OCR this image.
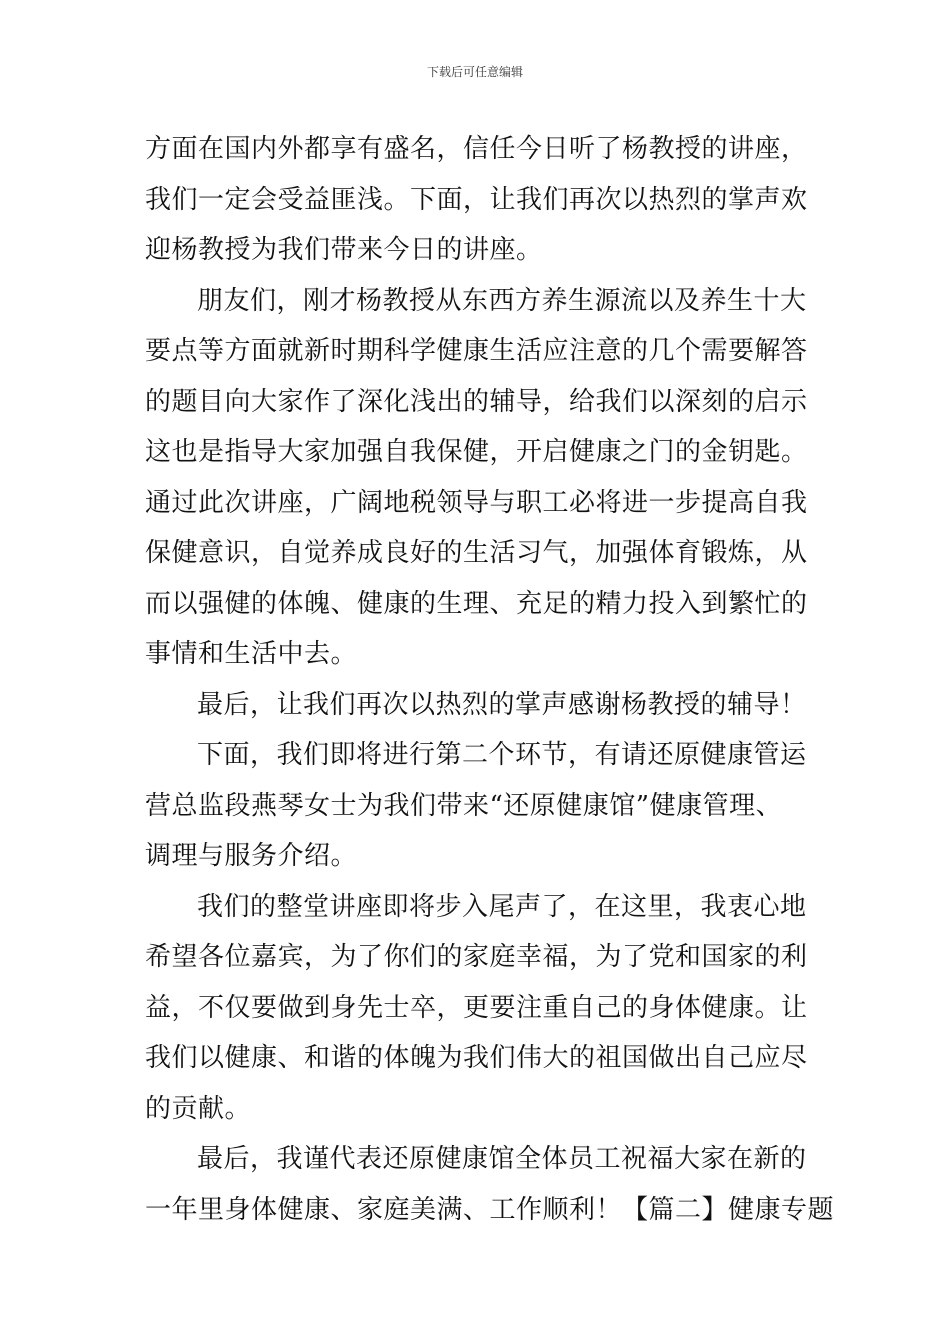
下载后可任意编辑
方面在国内外都享有盛名，信任今日听了杨教授的讲座，
我们一定会受益匪浅。下面，让我们再次以热烈的掌声欢
迎杨教授为我们带来今日的讲座。
朋友们，刚才杨教授从东西方养生源流以及养生十大
要点等方面就新时期科学健康生活应注意的几个需要解答
的题目向大家作了深化浅出的辅导，给我们以深刻的启示
这也是指导大家加强自我保健，开启健康之门的金钥匙。
通过此次讲座，广阔地税领导与职工必将进一步提高自我
保健意识，自觉养成良好的生活习气，加强体育锻炼，从
而以强健的体魄、健康的生理、充足的精力投入到繁忙的
事情和生活中去。
最后，让我们再次以热烈的掌声感谢杨教授的辅导！
下面，我们即将进行第二个环节，有请还原健康管运
营总监段燕琴女士为我们带来“还原健康馆”健康管理、
调理与服务介绍。
我们的整堂讲座即将步入尾声了，在这里，我衷心地
希望各位嘉宾，为了你们的家庭幸福，为了党和国家的利
益，不仅要做到身先士卒，更要注重自己的身体健康。让
我们以健康、和谐的体魄为我们伟大的祖国做出自己应尽
的贡献。
最后，我谨代表还原健康馆全体员工祝福大家在新的
一年里身体健康、家庭美满、工作顺利！【篇二】健康专题
